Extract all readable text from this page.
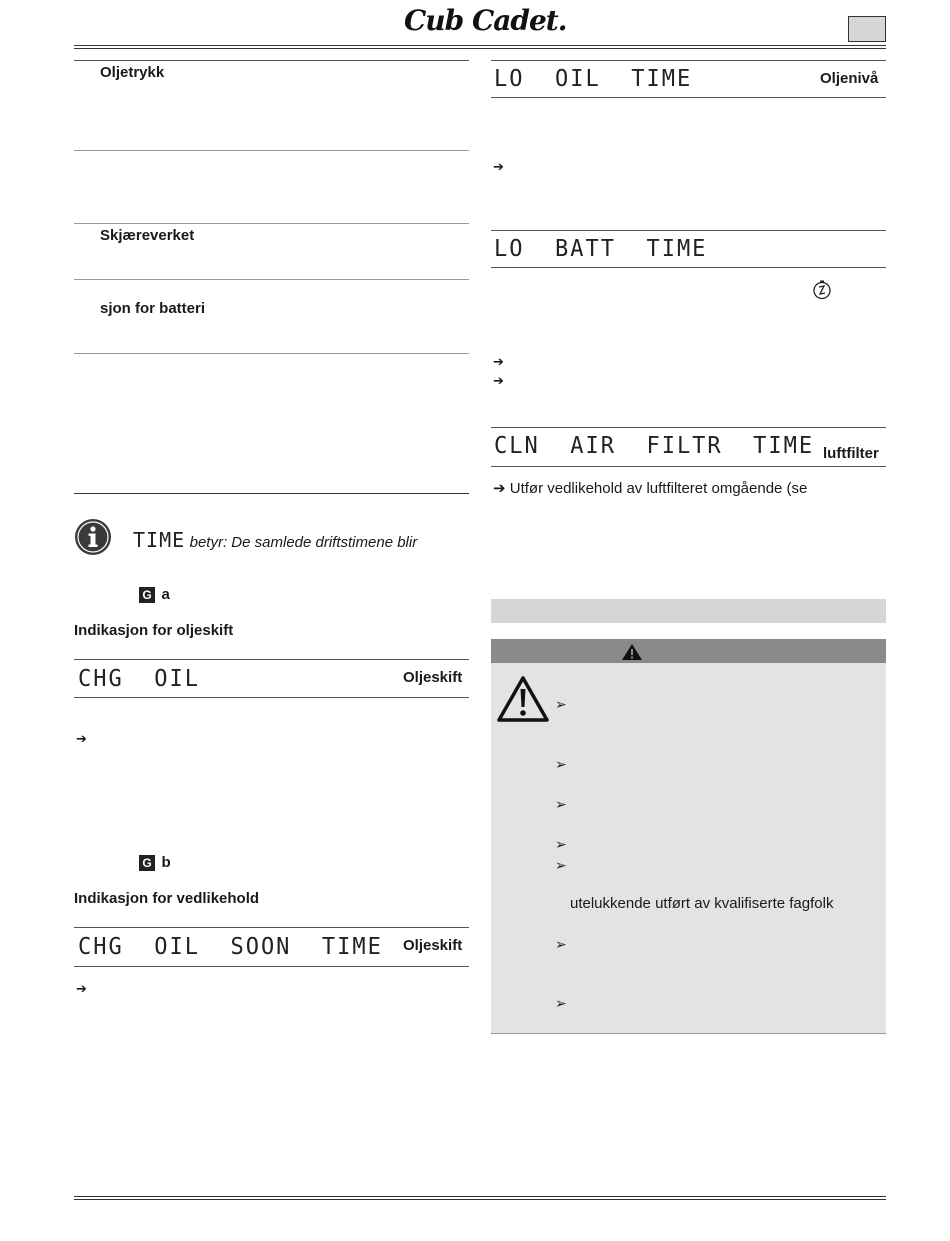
Cub Cadet.
Oljetrykk
Skjæreverket
sjon for batteri
TIME betyr: De samlede driftstimene blir
G a
Indikasjon for oljeskift
CHG  OIL	Oljeskift
➔
G b
Indikasjon for vedlikehold
CHG  OIL  SOON  TIME Oljeskift
➔
LO  OIL  TIME	Oljenivå
➔
LO  BATT  TIME
➔
➔
CLN  AIR  FILTR  TIME luftfilter
➔ Utfør vedlikehold av luftfilteret omgående (se
➢
➢
➢
➢
➢
utelukkende utført av kvalifiserte fagfolk
➢
➢
